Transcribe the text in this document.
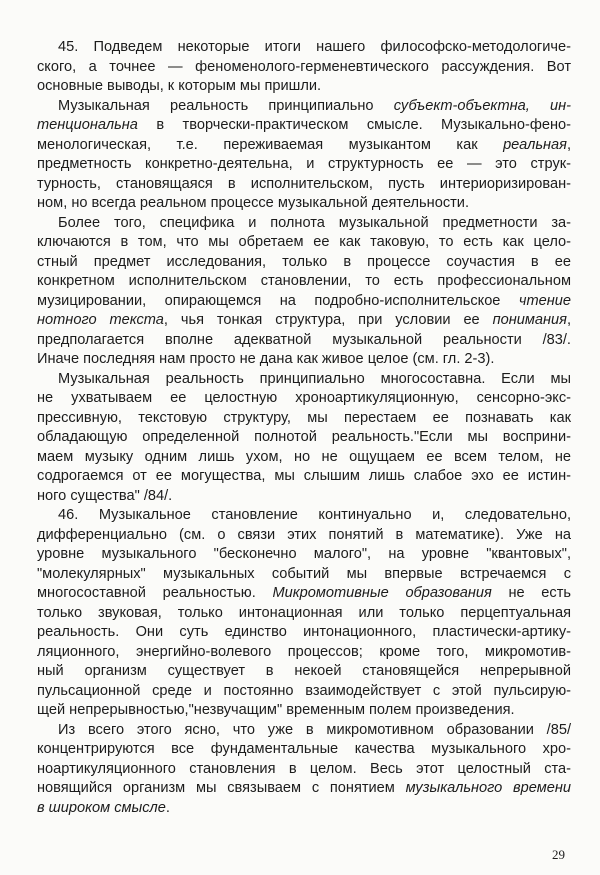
45. Подведем некоторые итоги нашего философско-методологиче-
ского, а точнее — феноменолого-герменевтического рассуждения. Вот
основные выводы, к которым мы пришли.
Музыкальная реальность принципиально субъект-объектна, ин-
тенциональна в творчески-практическом смысле. Музыкально-фено-
менологическая, т.е. переживаемая музыкантом как реальная,
предметность конкретно-деятельна, и структурность ее — это струк-
турность, становящаяся в исполнительском, пусть интериоризирован-
ном, но всегда реальном процессе музыкальной деятельности.
Более того, специфика и полнота музыкальной предметности за-
ключаются в том, что мы обретаем ее как таковую, то есть как цело-
стный предмет исследования, только в процессе соучастия в ее
конкретном исполнительском становлении, то есть профессиональном
музицировании, опирающемся на подробно-исполнительское чтение
нотного текста, чья тонкая структура, при условии ее понимания,
предполагается вполне адекватной музыкальной реальности /83/.
Иначе последняя нам просто не дана как живое целое (см. гл. 2-3).
Музыкальная реальность принципиально многосоставна. Если мы
не ухватываем ее целостную хроноартикуляционную, сенсорно-экс-
прессивную, текстовую структуру, мы перестаем ее познавать как
обладающую определенной полнотой реальность."Если мы восприни-
маем музыку одним лишь ухом, но не ощущаем ее всем телом, не
содрогаемся от ее могущества, мы слышим лишь слабое эхо ее истин-
ного существа" /84/.
46. Музыкальное становление континуально и, следовательно,
дифференциально (см. о связи этих понятий в математике). Уже на
уровне музыкального "бесконечно малого", на уровне "квантовых",
"молекулярных" музыкальных событий мы впервые встречаемся с
многосоставной реальностью. Микромотивные образования не есть
только звуковая, только интонационная или только перцептуальная
реальность. Они суть единство интонационного, пластически-артику-
ляционного, энергийно-волевого процессов; кроме того, микромотив-
ный организм существует в некоей становящейся непрерывной
пульсационной среде и постоянно взаимодействует с этой пульсирую-
щей непрерывностью,"незвучащим" временным полем произведения.
Из всего этого ясно, что уже в микромотивном образовании /85/
концентрируются все фундаментальные качества музыкального хро-
ноартикуляционного становления в целом. Весь этот целостный ста-
новящийся организм мы связываем с понятием музыкального времени
в широком смысле.
29
